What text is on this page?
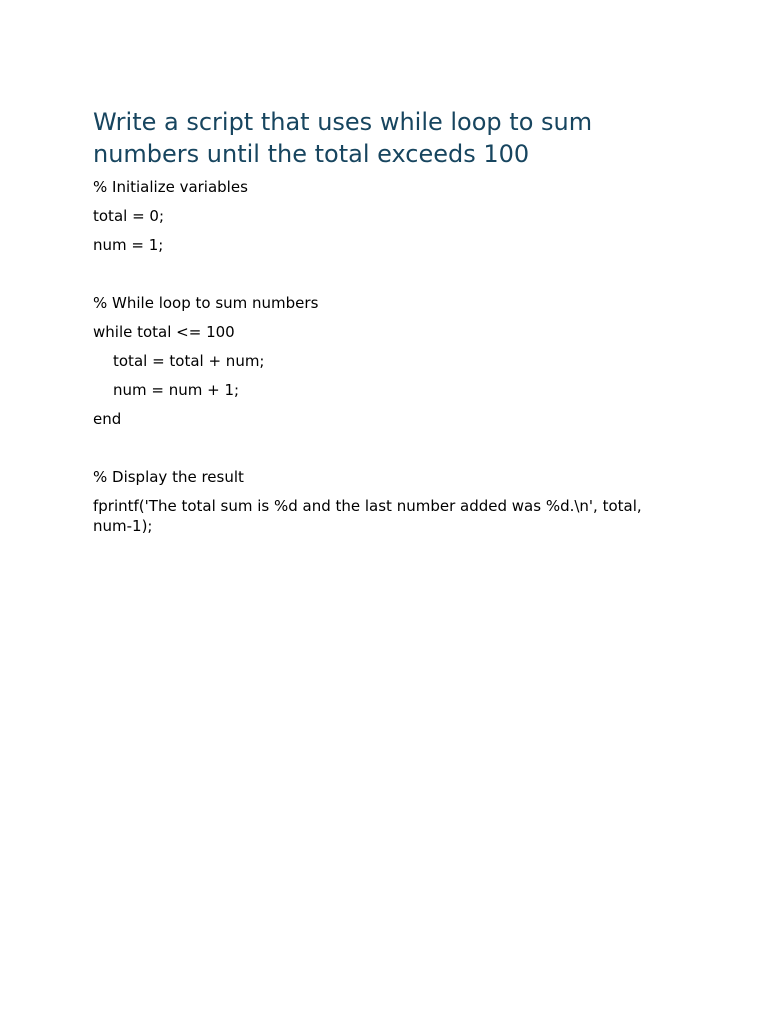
Write a script that uses while loop to sum numbers until the total exceeds 100

% Initialize variables

total = 0;

num = 1;

% While loop to sum numbers

while total <= 100

total = total + num;

num = num + 1;

end

% Display the result

fprintf('The total sum is %d and the last number added was %d.\n', total, num-1);
